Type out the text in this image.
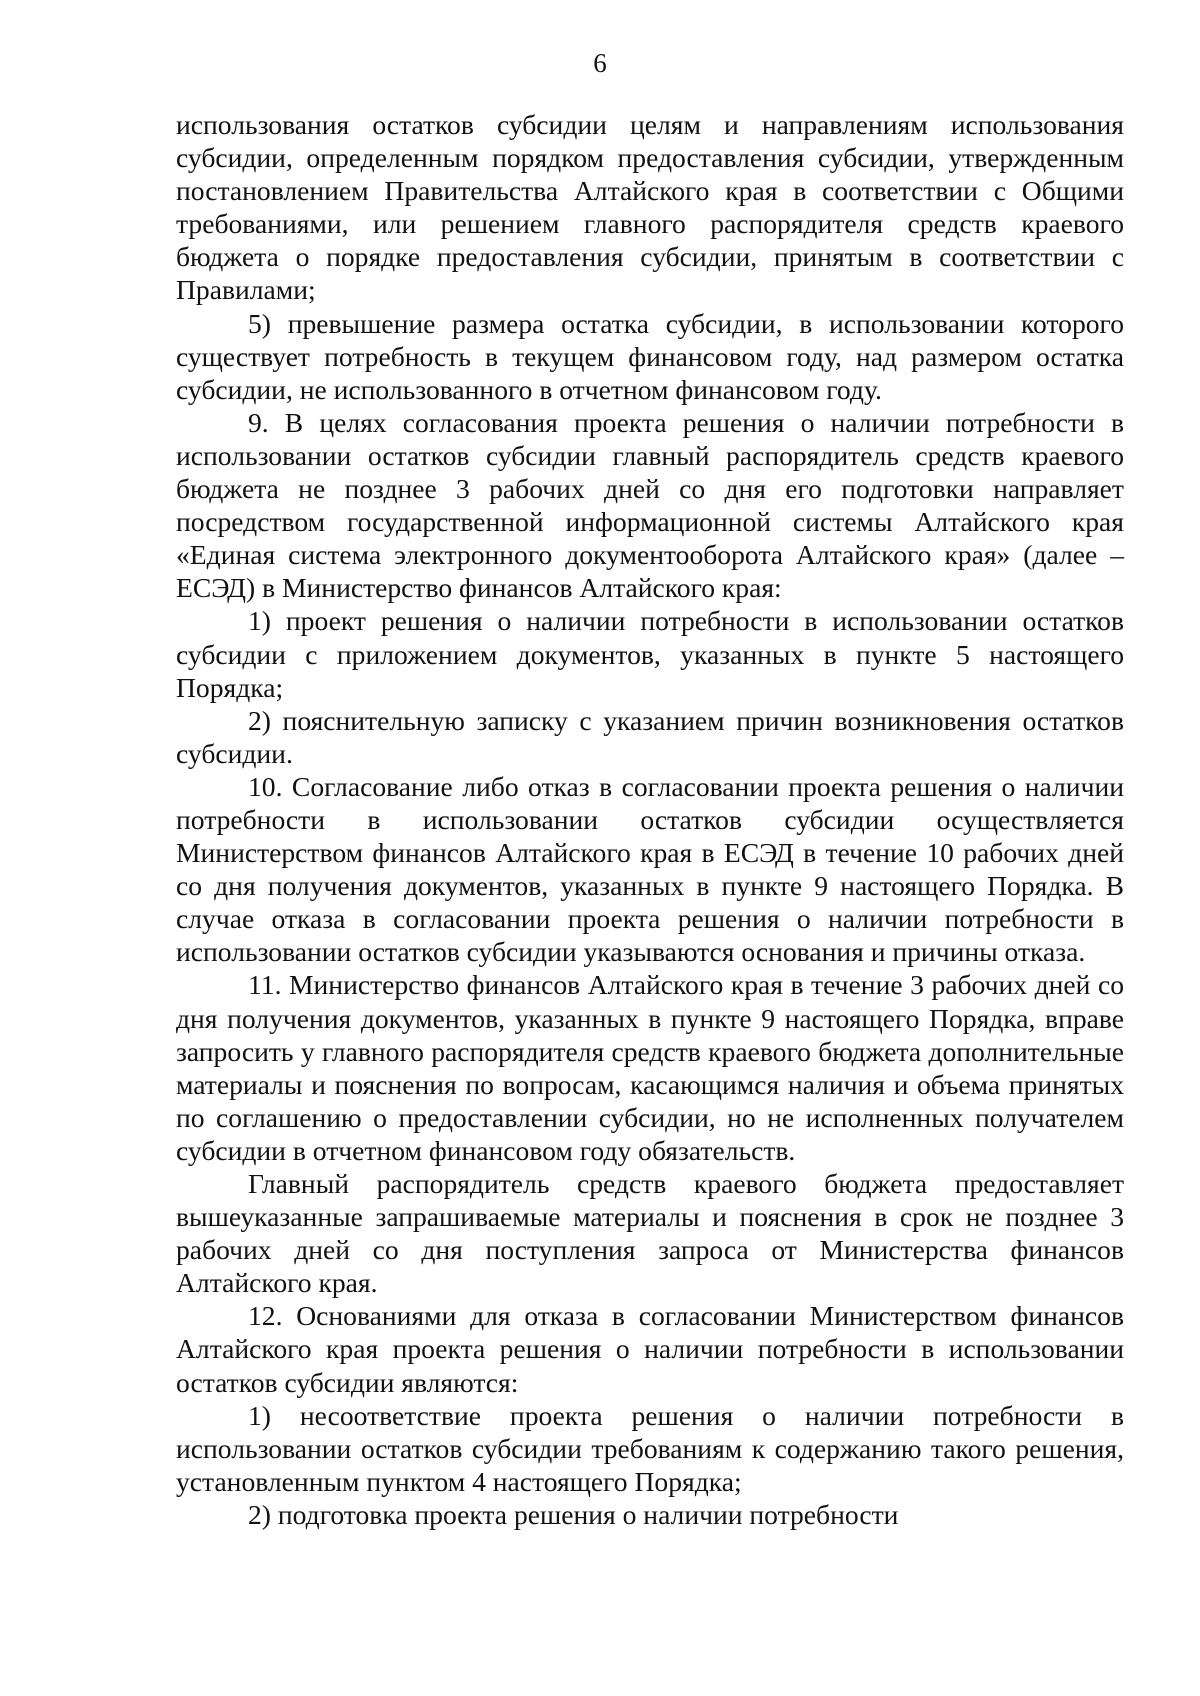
6

использования остатков субсидии целям и направлениям использования субсидии, определенным порядком предоставления субсидии, утвержденным постановлением Правительства Алтайского края в соответствии с Общими требованиями, или решением главного распорядителя средств краевого бюджета о порядке предоставления субсидии, принятым в соответствии с Правилами;

5) превышение размера остатка субсидии, в использовании которого существует потребность в текущем финансовом году, над размером остатка субсидии, не использованного в отчетном финансовом году.

9. В целях согласования проекта решения о наличии потребности в использовании остатков субсидии главный распорядитель средств краевого бюджета не позднее 3 рабочих дней со дня его подготовки направляет посредством государственной информационной системы Алтайского края «Единая система электронного документооборота Алтайского края» (далее – ЕСЭД) в Министерство финансов Алтайского края:

1) проект решения о наличии потребности в использовании остатков субсидии с приложением документов, указанных в пункте 5 настоящего Порядка;

2) пояснительную записку с указанием причин возникновения остатков субсидии.

10. Согласование либо отказ в согласовании проекта решения о наличии потребности в использовании остатков субсидии осуществляется Министерством финансов Алтайского края в ЕСЭД в течение 10 рабочих дней со дня получения документов, указанных в пункте 9 настоящего Порядка. В случае отказа в согласовании проекта решения о наличии потребности в использовании остатков субсидии указываются основания и причины отказа.

11. Министерство финансов Алтайского края в течение 3 рабочих дней со дня получения документов, указанных в пункте 9 настоящего Порядка, вправе запросить у главного распорядителя средств краевого бюджета дополнительные материалы и пояснения по вопросам, касающимся наличия и объема принятых по соглашению о предоставлении субсидии, но не исполненных получателем субсидии в отчетном финансовом году обязательств.

Главный распорядитель средств краевого бюджета предоставляет вышеуказанные запрашиваемые материалы и пояснения в срок не позднее 3 рабочих дней со дня поступления запроса от Министерства финансов Алтайского края.

12. Основаниями для отказа в согласовании Министерством финансов Алтайского края проекта решения о наличии потребности в использовании остатков субсидии являются:

1) несоответствие проекта решения о наличии потребности в использовании остатков субсидии требованиям к содержанию такого решения, установленным пунктом 4 настоящего Порядка;

2) подготовка проекта решения о наличии потребности
